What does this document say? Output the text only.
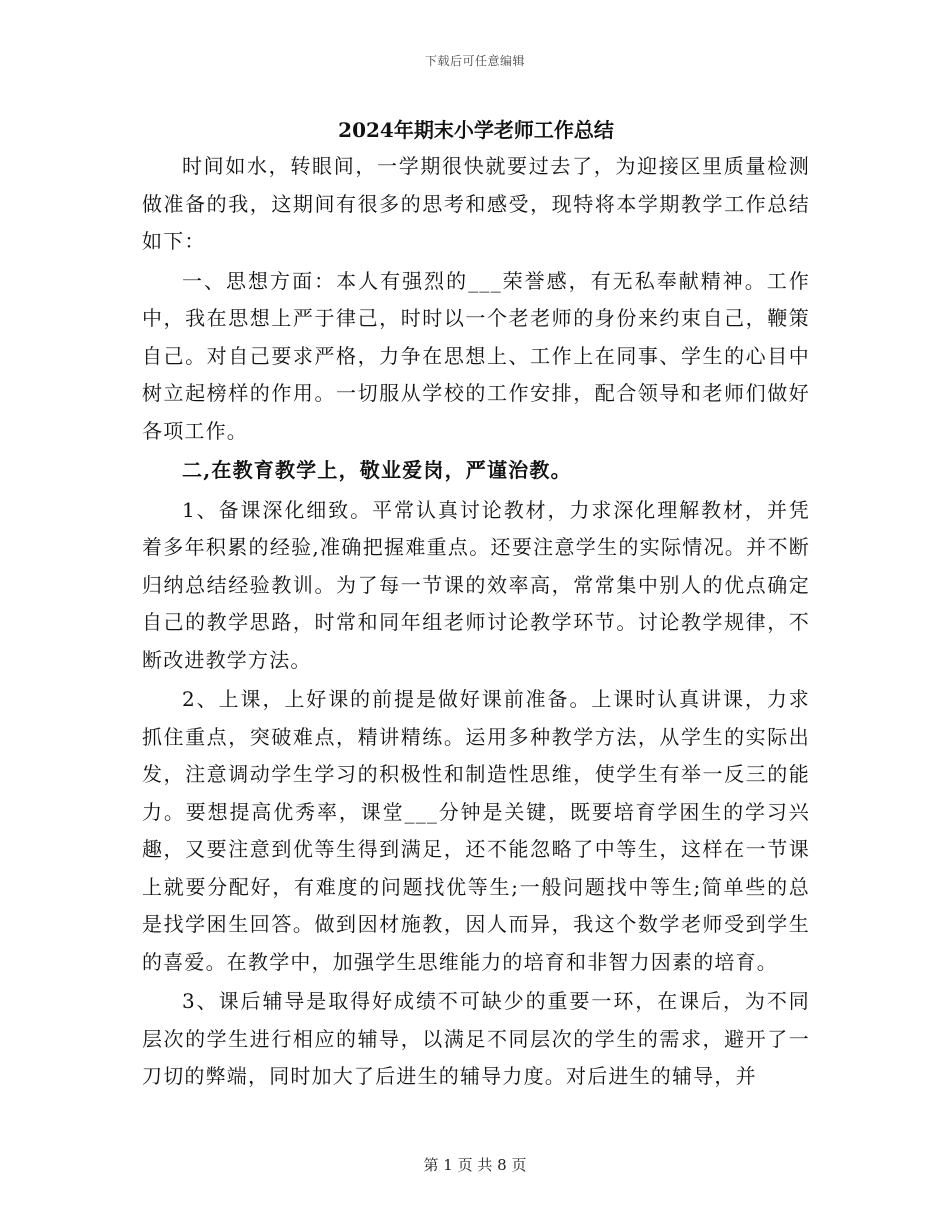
下载后可任意编辑
2024年期末小学老师工作总结

时间如水，转眼间，一学期很快就要过去了，为迎接区里质量检测做准备的我，这期间有很多的思考和感受，现特将本学期教学工作总结如下：

一、思想方面：本人有强烈的___荣誉感，有无私奉献精神。工作中，我在思想上严于律己，时时以一个老老师的身份来约束自己，鞭策自己。对自己要求严格，力争在思想上、工作上在同事、学生的心目中树立起榜样的作用。一切服从学校的工作安排，配合领导和老师们做好各项工作。

二,在教育教学上，敬业爱岗，严谨治教。

1、备课深化细致。平常认真讨论教材，力求深化理解教材，并凭着多年积累的经验,准确把握难重点。还要注意学生的实际情况。并不断归纳总结经验教训。为了每一节课的效率高，常常集中别人的优点确定自己的教学思路，时常和同年组老师讨论教学环节。讨论教学规律，不断改进教学方法。

2、上课，上好课的前提是做好课前准备。上课时认真讲课，力求抓住重点，突破难点，精讲精练。运用多种教学方法，从学生的实际出发，注意调动学生学习的积极性和制造性思维，使学生有举一反三的能力。要想提高优秀率，课堂___分钟是关键，既要培育学困生的学习兴趣，又要注意到优等生得到满足，还不能忽略了中等生，这样在一节课上就要分配好，有难度的问题找优等生;一般问题找中等生;简单些的总是找学困生回答。做到因材施教，因人而异，我这个数学老师受到学生的喜爱。在教学中，加强学生思维能力的培育和非智力因素的培育。

3、课后辅导是取得好成绩不可缺少的重要一环，在课后，为不同层次的学生进行相应的辅导，以满足不同层次的学生的需求，避开了一刀切的弊端，同时加大了后进生的辅导力度。对后进生的辅导，并

第 1 页 共 8 页
